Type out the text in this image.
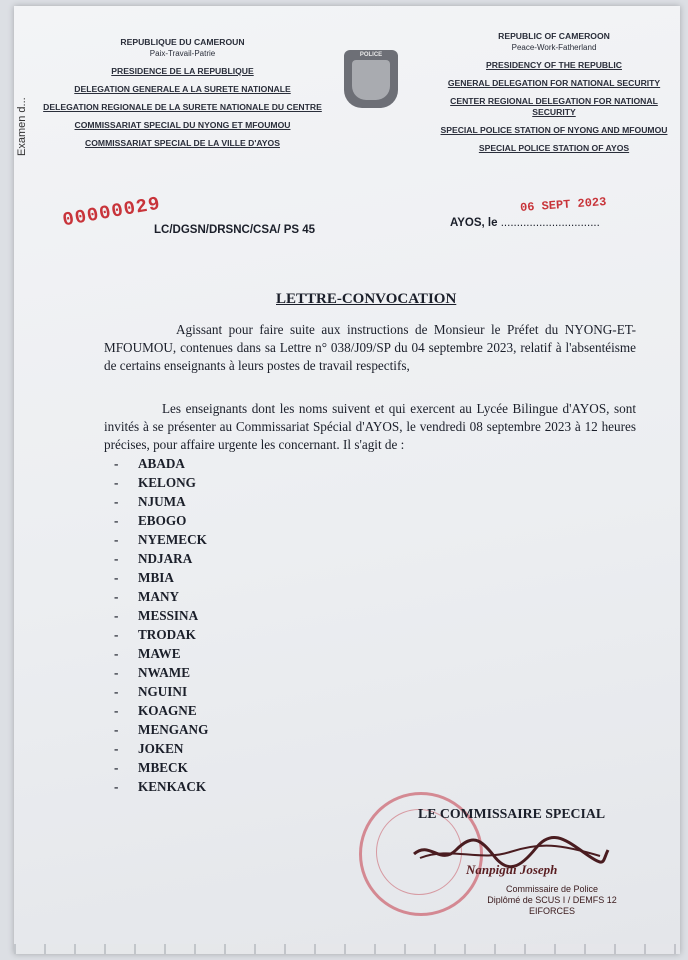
Examen d...
REPUBLIQUE DU CAMEROUN
Paix-Travail-Patrie
PRESIDENCE DE LA REPUBLIQUE
DELEGATION GENERALE A LA SURETE NATIONALE
DELEGATION REGIONALE DE LA SURETE NATIONALE DU CENTRE
COMMISSARIAT SPECIAL DU NYONG ET MFOUMOU
COMMISSARIAT SPECIAL DE LA VILLE D'AYOS
POLICE
REPUBLIC OF CAMEROON
Peace-Work-Fatherland
PRESIDENCY OF THE REPUBLIC
GENERAL DELEGATION FOR NATIONAL SECURITY
CENTER REGIONAL DELEGATION FOR NATIONAL SECURITY
SPECIAL POLICE STATION OF NYONG AND MFOUMOU
SPECIAL POLICE STATION OF AYOS
00000029
LC/DGSN/DRSNC/CSA/ PS 45
AYOS, le ...............................
06 SEPT 2023
LETTRE-CONVOCATION
Agissant pour faire suite aux instructions de Monsieur le Préfet du NYONG-ET-MFOUMOU, contenues dans sa Lettre n° 038/J09/SP du 04 septembre 2023, relatif à l'absentéisme de certains enseignants à leurs postes de travail respectifs,
Les enseignants dont les noms suivent et qui exercent au Lycée Bilingue d'AYOS, sont invités à se présenter au Commissariat Spécial d'AYOS, le vendredi 08 septembre 2023 à 12 heures précises, pour affaire urgente les concernant. Il s'agit de :
- ABADA
- KELONG
- NJUMA
- EBOGO
- NYEMECK
- NDJARA
- MBIA
- MANY
- MESSINA
- TRODAK
- MAWE
- NWAME
- NGUINI
- KOAGNE
- MENGANG
- JOKEN
- MBECK
- KENKACK
LE COMMISSAIRE SPECIAL
Nanpigui Joseph
Commissaire de Police
Diplômé de SCUS I / DEMFS 12
EIFORCES
